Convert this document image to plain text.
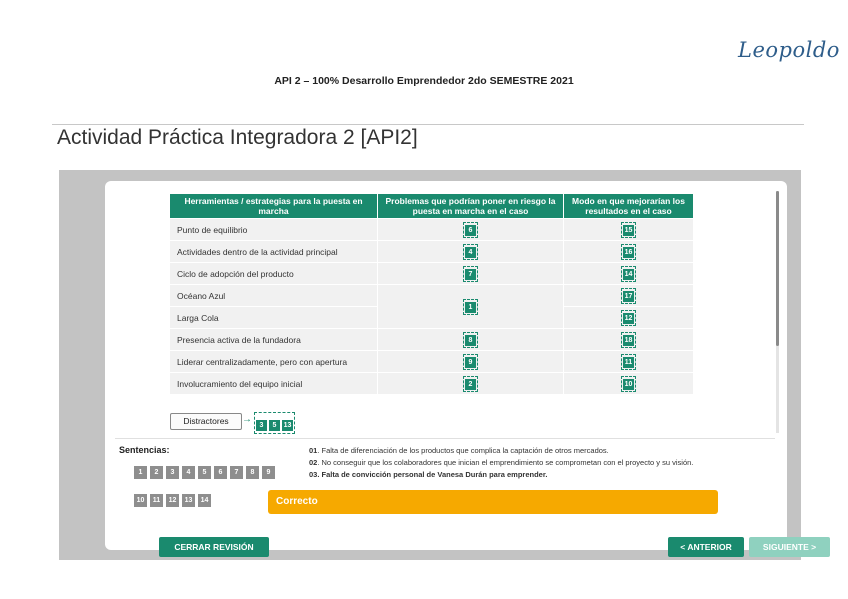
Leopoldo
API 2 – 100% Desarrollo Emprendedor 2do SEMESTRE 2021
Actividad Práctica Integradora 2 [API2]
Herramientas / estrategias para la puesta en marcha	Problemas que podrían poner en riesgo la puesta en marcha en el caso	Modo en que mejorarían los resultados en el caso
Punto de equilibrio	6	15
Actividades dentro de la actividad principal	4	16
Ciclo de adopción del producto	7	14
Océano Azul	1	17
Larga Cola		12
Presencia activa de la fundadora	8	18
Liderar centralizadamente, pero con apertura	9	11
Involucramiento del equipo inicial	2	10
Distractores	→
3 5 13
Sentencias:
1 2 3 4 5 6 7 8 9
10 11 12 13 14
01. Falta de diferenciación de los productos que complica la captación de otros mercados.
02. No conseguir que los colaboradores que inician el emprendimiento se comprometan con el proyecto y su visión.
03. Falta de convicción personal de Vanesa Durán para emprender.
Correcto
CERRAR REVISIÓN	< ANTERIOR	SIGUIENTE >
